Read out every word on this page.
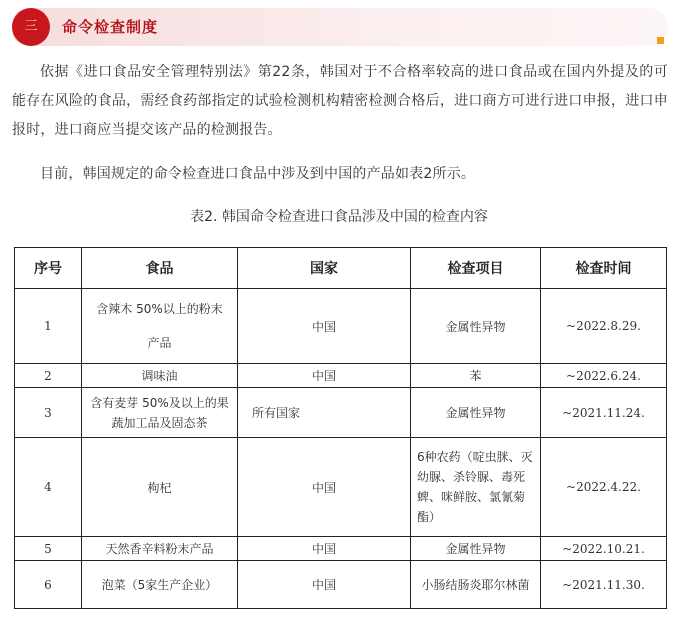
三	命令检查制度

依据《进口食品安全管理特别法》第22条，韩国对于不合格率较高的进口食品或在国内外提及的可能存在风险的食品，需经食药部指定的试验检测机构精密检测合格后，进口商方可进行进口申报，进口申报时，进口商应当提交该产品的检测报告。

目前，韩国规定的命令检查进口食品中涉及到中国的产品如表2所示。

表2. 韩国命令检查进口食品涉及中国的检查内容
序号	食品	国家	检查项目	检查时间
1	含辣木 50%以上的粉末产品	中国	金属性异物	~2022.8.29.
2	调味油	中国	苯	~2022.6.24.
3	含有麦芽 50%及以上的果蔬加工品及固态茶	所有国家	金属性异物	~2021.11.24.
4	枸杞	中国	6种农药（啶虫脒、灭幼脲、杀铃脲、毒死蜱、咪鲜胺、氯氰菊酯）	~2022.4.22.
5	天然香辛料粉末产品	中国	金属性异物	~2022.10.21.
6	泡菜（5家生产企业）	中国	小肠结肠炎耶尔林菌	~2021.11.30.
